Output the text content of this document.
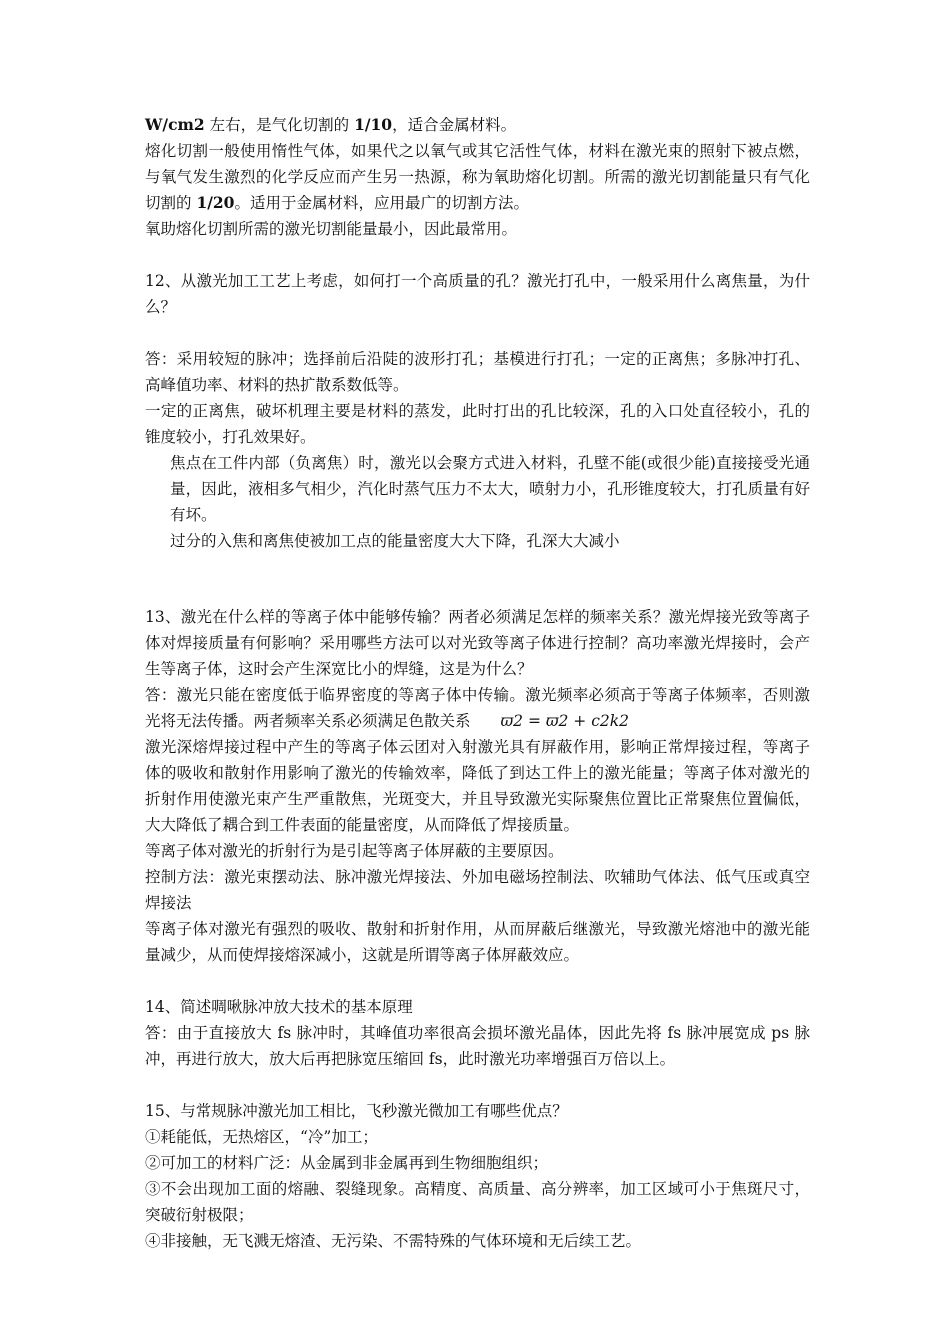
W/cm2 左右，是气化切割的 1/10，适合金属材料。

熔化切割一般使用惰性气体，如果代之以氧气或其它活性气体，材料在激光束的照射下被点燃，与氧气发生激烈的化学反应而产生另一热源，称为氧助熔化切割。所需的激光切割能量只有气化切割的 1/20。适用于金属材料，应用最广的切割方法。

氧助熔化切割所需的激光切割能量最小，因此最常用。

12、从激光加工工艺上考虑，如何打一个高质量的孔？激光打孔中，一般采用什么离焦量，为什么？

答：采用较短的脉冲；选择前后沿陡的波形打孔；基模进行打孔；一定的正离焦；多脉冲打孔、高峰值功率、材料的热扩散系数低等。

一定的正离焦，破坏机理主要是材料的蒸发，此时打出的孔比较深，孔的入口处直径较小，孔的锥度较小，打孔效果好。

焦点在工件内部（负离焦）时，激光以会聚方式进入材料，孔壁不能(或很少能)直接接受光通量，因此，液相多气相少，汽化时蒸气压力不太大，喷射力小，孔形锥度较大，打孔质量有好有坏。

过分的入焦和离焦使被加工点的能量密度大大下降，孔深大大减小

13、激光在什么样的等离子体中能够传输？两者必须满足怎样的频率关系？激光焊接光致等离子体对焊接质量有何影响？采用哪些方法可以对光致等离子体进行控制？高功率激光焊接时，会产生等离子体，这时会产生深宽比小的焊缝，这是为什么？

答：激光只能在密度低于临界密度的等离子体中传输。激光频率必须高于等离子体频率，否则激光将无法传播。两者频率关系必须满足色散关系 ϖ2 = ϖ2 + c2k2

激光深熔焊接过程中产生的等离子体云团对入射激光具有屏蔽作用，影响正常焊接过程，等离子体的吸收和散射作用影响了激光的传输效率，降低了到达工件上的激光能量；等离子体对激光的折射作用使激光束产生严重散焦，光斑变大，并且导致激光实际聚焦位置比正常聚焦位置偏低，大大降低了耦合到工件表面的能量密度，从而降低了焊接质量。

等离子体对激光的折射行为是引起等离子体屏蔽的主要原因。

控制方法：激光束摆动法、脉冲激光焊接法、外加电磁场控制法、吹辅助气体法、低气压或真空焊接法

等离子体对激光有强烈的吸收、散射和折射作用，从而屏蔽后继激光，导致激光熔池中的激光能量减少，从而使焊接熔深减小，这就是所谓等离子体屏蔽效应。

14、简述啁啾脉冲放大技术的基本原理

答：由于直接放大 fs 脉冲时，其峰值功率很高会损坏激光晶体，因此先将 fs 脉冲展宽成 ps 脉冲，再进行放大，放大后再把脉宽压缩回 fs，此时激光功率增强百万倍以上。

15、与常规脉冲激光加工相比，飞秒激光微加工有哪些优点？

①耗能低，无热熔区，“冷”加工；

②可加工的材料广泛：从金属到非金属再到生物细胞组织；

③不会出现加工面的熔融、裂缝现象。高精度、高质量、高分辨率，加工区域可小于焦斑尺寸，突破衍射极限；

④非接触，无飞溅无熔渣、无污染、不需特殊的气体环境和无后续工艺。
